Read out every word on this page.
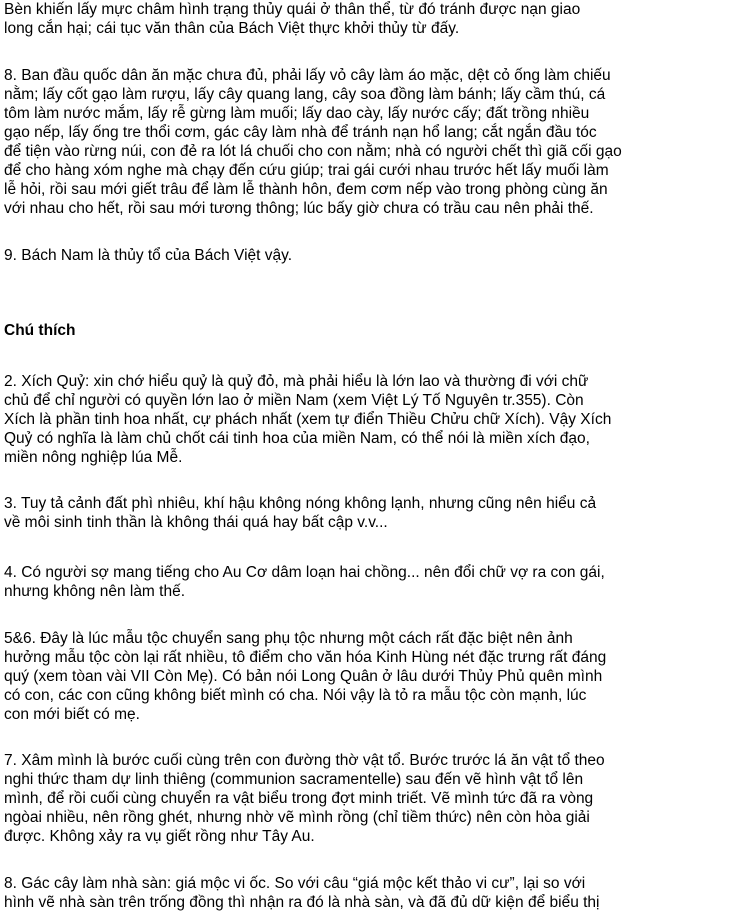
Bèn khiến lấy mực châm hình trạng thủy quái ở thân thể, từ đó tránh được nạn giao
long cắn hại; cái tục văn thân của Bách Việt thực khởi thủy từ đấy.
8. Ban đầu quốc dân ăn mặc chưa đủ, phải lấy vỏ cây làm áo mặc, dệt cỏ ống làm chiếu
nằm; lấy cốt gạo làm rượu, lấy cây quang lang, cây soa đồng làm bánh; lấy cầm thú, cá
tôm làm nước mắm, lấy rễ gừng làm muối; lấy dao cày, lấy nước cấy; đất trồng nhiều
gạo nếp, lấy ống tre thổi cơm, gác cây làm nhà để tránh nạn hổ lang; cắt ngắn đầu tóc
để tiện vào rừng núi, con đẻ ra lót lá chuối cho con nằm; nhà có người chết thì giã cối gạo
để cho hàng xóm nghe mà chạy đến cứu giúp; trai gái cưới nhau trước hết lấy muối làm
lễ hỏi, rồi sau mới giết trâu để làm lễ thành hôn, đem cơm nếp vào trong phòng cùng ăn
với nhau cho hết, rồi sau mới tương thông; lúc bấy giờ chưa có trầu cau nên phải thế.
9. Bách Nam là thủy tổ của Bách Việt vậy.
Chú thích
2. Xích Quỷ: xin chớ hiểu quỷ là quỷ đỏ, mà phải hiểu là lớn lao và thường đi với chữ
chủ để chỉ người có quyền lớn lao ở miền Nam (xem Việt Lý Tố Nguyên tr.355). Còn
Xích là phần tinh hoa nhất, cự phách nhất (xem tự điển Thiều Chửu chữ Xích). Vậy Xích
Quỷ có nghĩa là làm chủ chốt cái tinh hoa của miền Nam, có thể nói là miền xích đạo,
miền nông nghiệp lúa Mễ.
3. Tuy tả cảnh đất phì nhiêu, khí hậu không nóng không lạnh, nhưng cũng nên hiểu cả
về môi sinh tinh thần là không thái quá hay bất cập v.v...
4. Có người sợ mang tiếng cho Au Cơ dâm loạn hai chồng... nên đổi chữ vợ ra con gái,
nhưng không nên làm thế.
5&6. Đây là lúc mẫu tộc chuyển sang phụ tộc nhưng một cách rất đặc biệt nên ảnh
hưởng mẫu tộc còn lại rất nhiều, tô điểm cho văn hóa Kinh Hùng nét đặc trưng rất đáng
quý (xem tòan vài VII Còn Mẹ). Có bản nói Long Quân ở lâu dưới Thủy Phủ quên mình
có con, các con cũng không biết mình có cha. Nói vậy là tỏ ra mẫu tộc còn mạnh, lúc
con mới biết có mẹ.
7. Xâm mình là bước cuối cùng trên con đường thờ vật tổ. Bước trước lá ăn vật tổ theo
nghi thức tham dự linh thiêng (communion sacramentelle) sau đến vẽ hình vật tổ lên
mình, để rồi cuối cùng chuyển ra vật biểu trong đợt minh triết. Vẽ mình tức đã ra vòng
ngòai nhiều, nên rồng ghét, nhưng nhờ vẽ mình rồng (chỉ tiềm thức) nên còn hòa giải
được. Không xảy ra vụ giết rồng như Tây Au.
8. Gác cây làm nhà sàn: giá mộc vi ốc. So với câu “giá mộc kết thảo vi cư”, lại so với
hình vẽ nhà sàn trên trống đồng thì nhận ra đó là nhà sàn, và đã đủ dữ kiện để biểu thị
